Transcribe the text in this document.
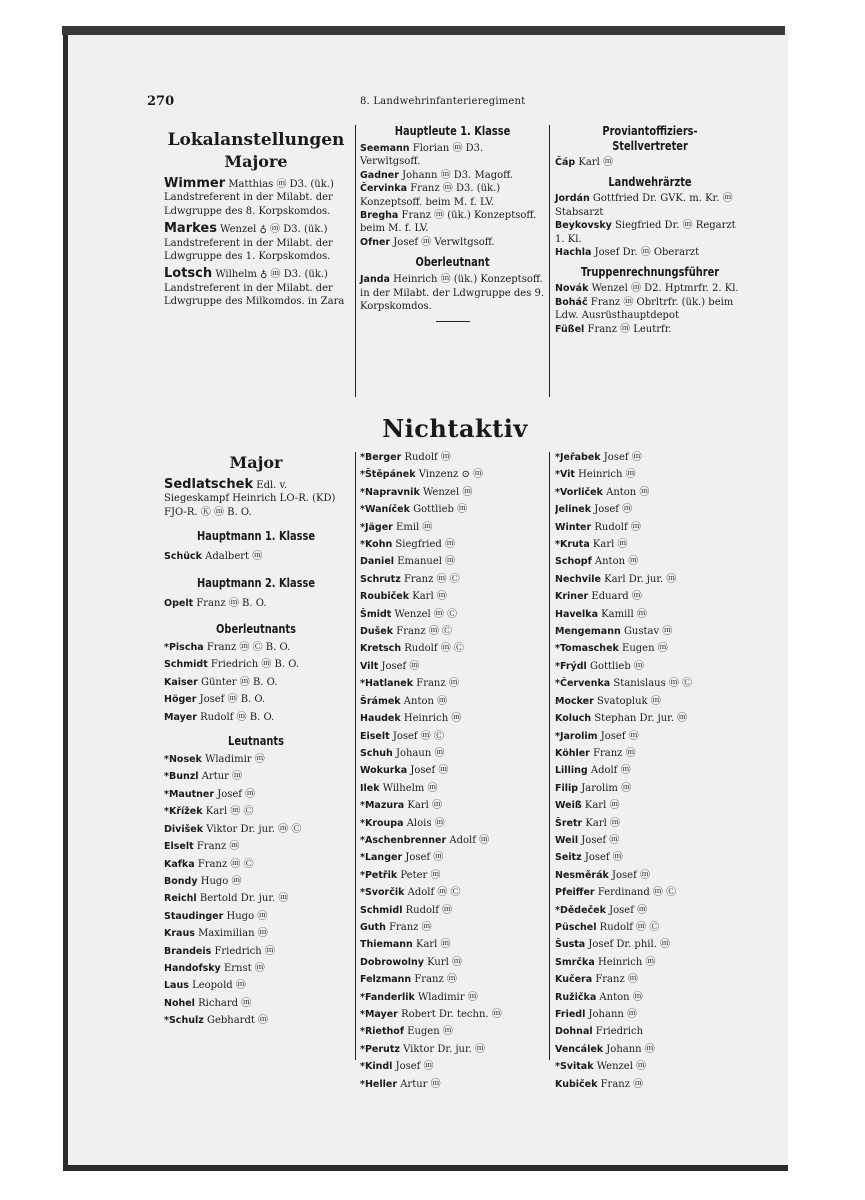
270	8. Landwehrinfanterieregiment
Lokalanstellungen
Majore
Wimmer Matthias ⓜ D3. (ük.) Landstreferent in der Milabt. der Ldwgruppe des 8. Korpskomdos.
Markes Wenzel ♁ ⓜ D3. (ük.) Landstreferent in der Milabt. der Ldwgruppe des 1. Korpskomdos.
Lotsch Wilhelm ♁ ⓜ D3. (ük.) Landstreferent in der Milabt. der Ldwgruppe des Milkomdos. in Zara
Hauptleute 1. Klasse
Seemann Florian ⓜ D3. Verwltgsoff.
Gadner Johann ⓜ D3. Magoff.
Červinka Franz ⓜ D3. (ük.) Konzeptsoff. beim M. f. LV.
Bregha Franz ⓜ (ük.) Konzeptsoff. beim M. f. LV.
Ofner Josef ⓜ Verwltgsoff.
Oberleutnant
Janda Heinrich ⓜ (ük.) Konzeptsoff. in der Milabt. der Ldwgruppe des 9. Korpskomdos.
Proviantoffiziers-Stellvertreter
Čáp Karl ⓜ
Landwehrärzte
Jordán Gottfried Dr. GVK. m. Kr. ⓜ Stabsarzt
Beykovsky Siegfried Dr. ⓜ Regarzt 1. Kl.
Hachla Josef Dr. ⓜ Oberarzt
Truppenrechnungsführer
Novák Wenzel ⓜ D2. Hptmrfr. 2. Kl.
Boháč Franz ⓜ Obrltrfr. (ük.) beim Ldw. Ausrüsthauptdepot
Füßel Franz ⓜ Leutrfr.
Nichtaktiv
Major
Sedlatschek Edl. v. Siegeskampf Heinrich LO-R. (KD) FJO-R. Ⓚ ⓜ B. O.
Hauptmann 1. Klasse
Schück Adalbert ⓜ
Hauptmann 2. Klasse
Opelt Franz ⓜ B. O.
Oberleutnants
*Pischa Franz ⓜ Ⓒ B. O.
Schmidt Friedrich ⓜ B. O.
Kaiser Günter ⓜ B. O.
Höger Josef ⓜ B. O.
Mayer Rudolf ⓜ B. O.
Leutnants
*Nosek Wladimir ⓜ
*Bunzl Artur ⓜ
*Mautner Josef ⓜ
*Křížek Karl ⓜ Ⓒ
Divišek Viktor Dr. jur. ⓜ Ⓒ
Elselt Franz ⓜ
Kafka Franz ⓜ Ⓒ
Bondy Hugo ⓜ
Reichl Bertold Dr. jur. ⓜ
Staudinger Hugo ⓜ
Kraus Maximilian ⓜ
Brandeis Friedrich ⓜ
Handofsky Ernst ⓜ
Laus Leopold ⓜ
Nohel Richard ⓜ
*Schulz Gebhardt ⓜ
*Berger Rudolf ⓜ
*Štěpánek Vinzenz ⊙ ⓜ
*Napravnik Wenzel ⓜ
*Waníček Gottlieb ⓜ
*Jäger Emil ⓜ
*Kohn Siegfried ⓜ
Daniel Emanuel ⓜ
Schrutz Franz ⓜ Ⓒ
Roubiček Karl ⓜ
Šmidt Wenzel ⓜ Ⓒ
Dušek Franz ⓜ Ⓒ
Kretsch Rudolf ⓜ Ⓒ
Vilt Josef ⓜ
*Hatlanek Franz ⓜ
Šrámek Anton ⓜ
Haudek Heinrich ⓜ
Eiselt Josef ⓜ Ⓒ
Schuh Johaun ⓜ
Wokurka Josef ⓜ
Ilek Wilhelm ⓜ
*Mazura Karl ⓜ
*Kroupa Alois ⓜ
*Aschenbrenner Adolf ⓜ
*Langer Josef ⓜ
*Petřik Peter ⓜ
*Svorčik Adolf ⓜ Ⓒ
Schmidl Rudolf ⓜ
Guth Franz ⓜ
Thiemann Karl ⓜ
Dobrowolny Kurl ⓜ
Felzmann Franz ⓜ
*Fanderlik Wladimir ⓜ
*Mayer Robert Dr. techn. ⓜ
*Riethof Eugen ⓜ
*Perutz Viktor Dr. jur. ⓜ
*Kindl Josef ⓜ
*Heller Artur ⓜ
*Jeřabek Josef ⓜ
*Vit Heinrich ⓜ
*Vorliček Anton ⓜ
Jelinek Josef ⓜ
Winter Rudolf ⓜ
*Kruta Karl ⓜ
Schopf Anton ⓜ
Nechvile Karl Dr. jur. ⓜ
Kriner Eduard ⓜ
Havelka Kamill ⓜ
Mengemann Gustav ⓜ
*Tomaschek Eugen ⓜ
*Frýdl Gottlieb ⓜ
*Červenka Stanislaus ⓜ Ⓒ
Mocker Svatopluk ⓜ
Koluch Stephan Dr. jur. ⓜ
*Jarolim Josef ⓜ
Köhler Franz ⓜ
Lilling Adolf ⓜ
Filip Jarolim ⓜ
Weiß Karl ⓜ
Šretr Karl ⓜ
Weil Josef ⓜ
Seitz Josef ⓜ
Nesměrák Josef ⓜ
Pfeiffer Ferdinand ⓜ Ⓒ
*Dědeček Josef ⓜ
Püschel Rudolf ⓜ Ⓒ
Šusta Josef Dr. phil. ⓜ
Smrčka Heinrich ⓜ
Kučera Franz ⓜ
Ružička Anton ⓜ
Friedl Johann ⓜ
Dohnal Friedrich
Vencálek Johann ⓜ
*Svitak Wenzel ⓜ
Kubiček Franz ⓜ
